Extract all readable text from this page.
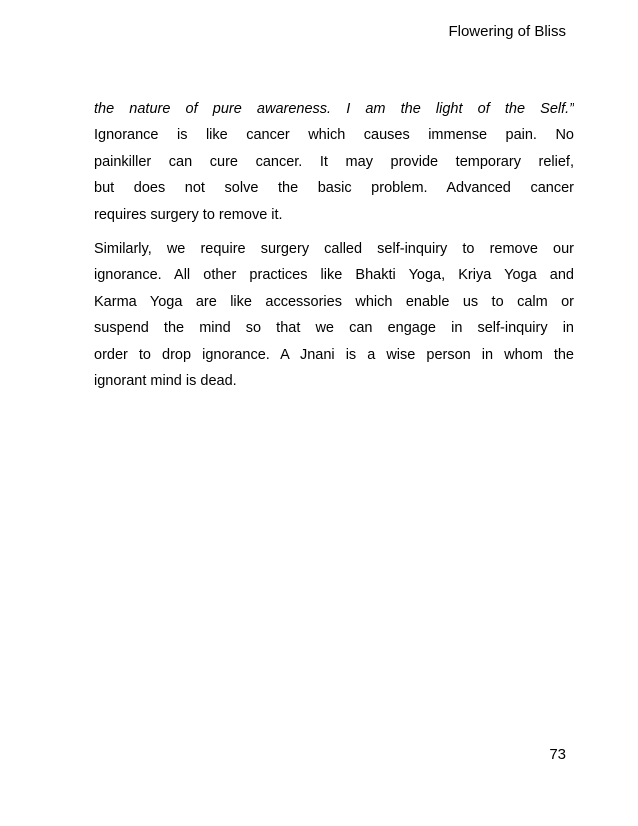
Flowering of Bliss

the nature of pure awareness. I am the light of the Self.”
Ignorance is like cancer which causes immense pain. No
painkiller can cure cancer. It may provide temporary relief,
but does not solve the basic problem. Advanced cancer
requires surgery to remove it.

Similarly, we require surgery called self-inquiry to remove our
ignorance. All other practices like Bhakti Yoga, Kriya Yoga and
Karma Yoga are like accessories which enable us to calm or
suspend the mind so that we can engage in self-inquiry in
order to drop ignorance. A Jnani is a wise person in whom the
ignorant mind is dead.

73
